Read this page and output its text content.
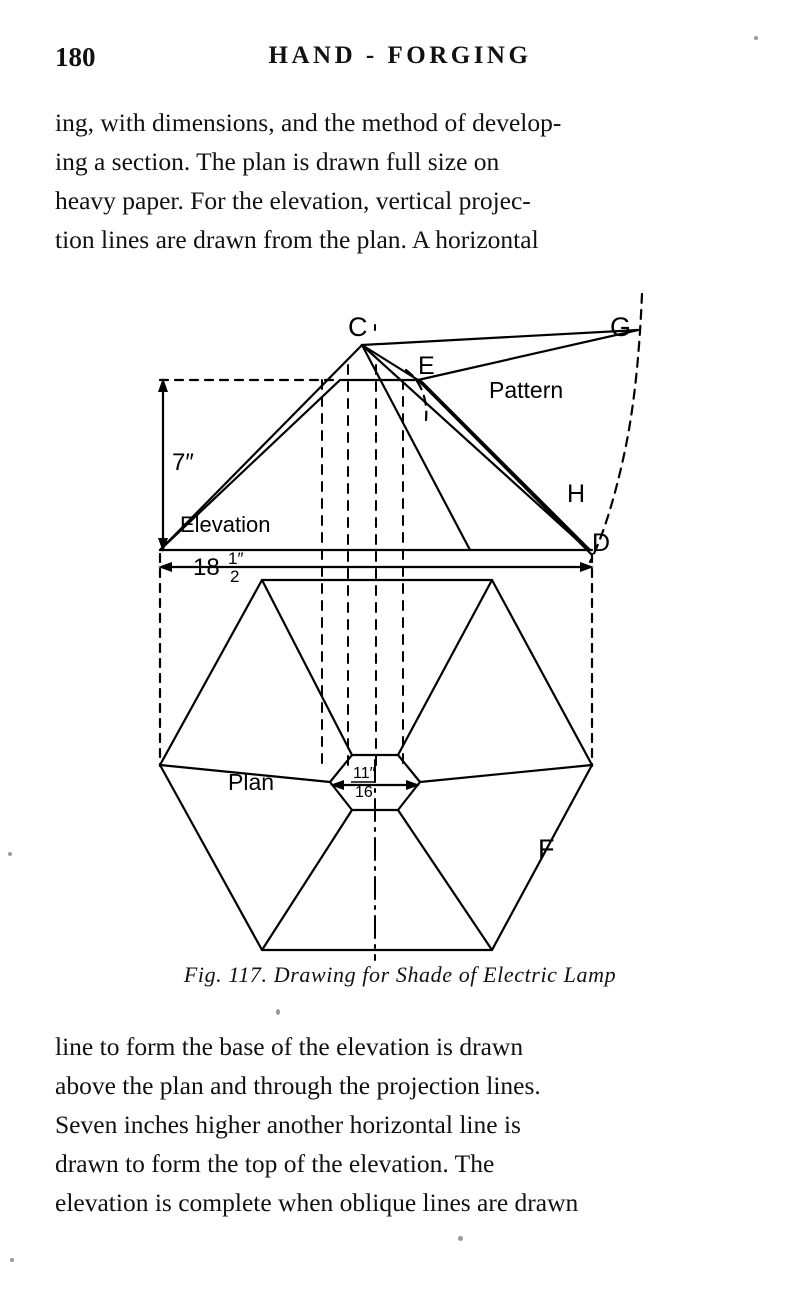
180	HAND - FORGING
ing, with dimensions, and the method of develop-
ing a section. The plan is drawn full size on
heavy paper. For the elevation, vertical projec-
tion lines are drawn from the plan. A horizontal
C
E
G
H
D
F
Pattern
Elevation
Plan
7″
18 1″
2
11″
16
Fig. 117. Drawing for Shade of Electric Lamp
line to form the base of the elevation is drawn
above the plan and through the projection lines.
Seven inches higher another horizontal line is
drawn to form the top of the elevation. The
elevation is complete when oblique lines are drawn
